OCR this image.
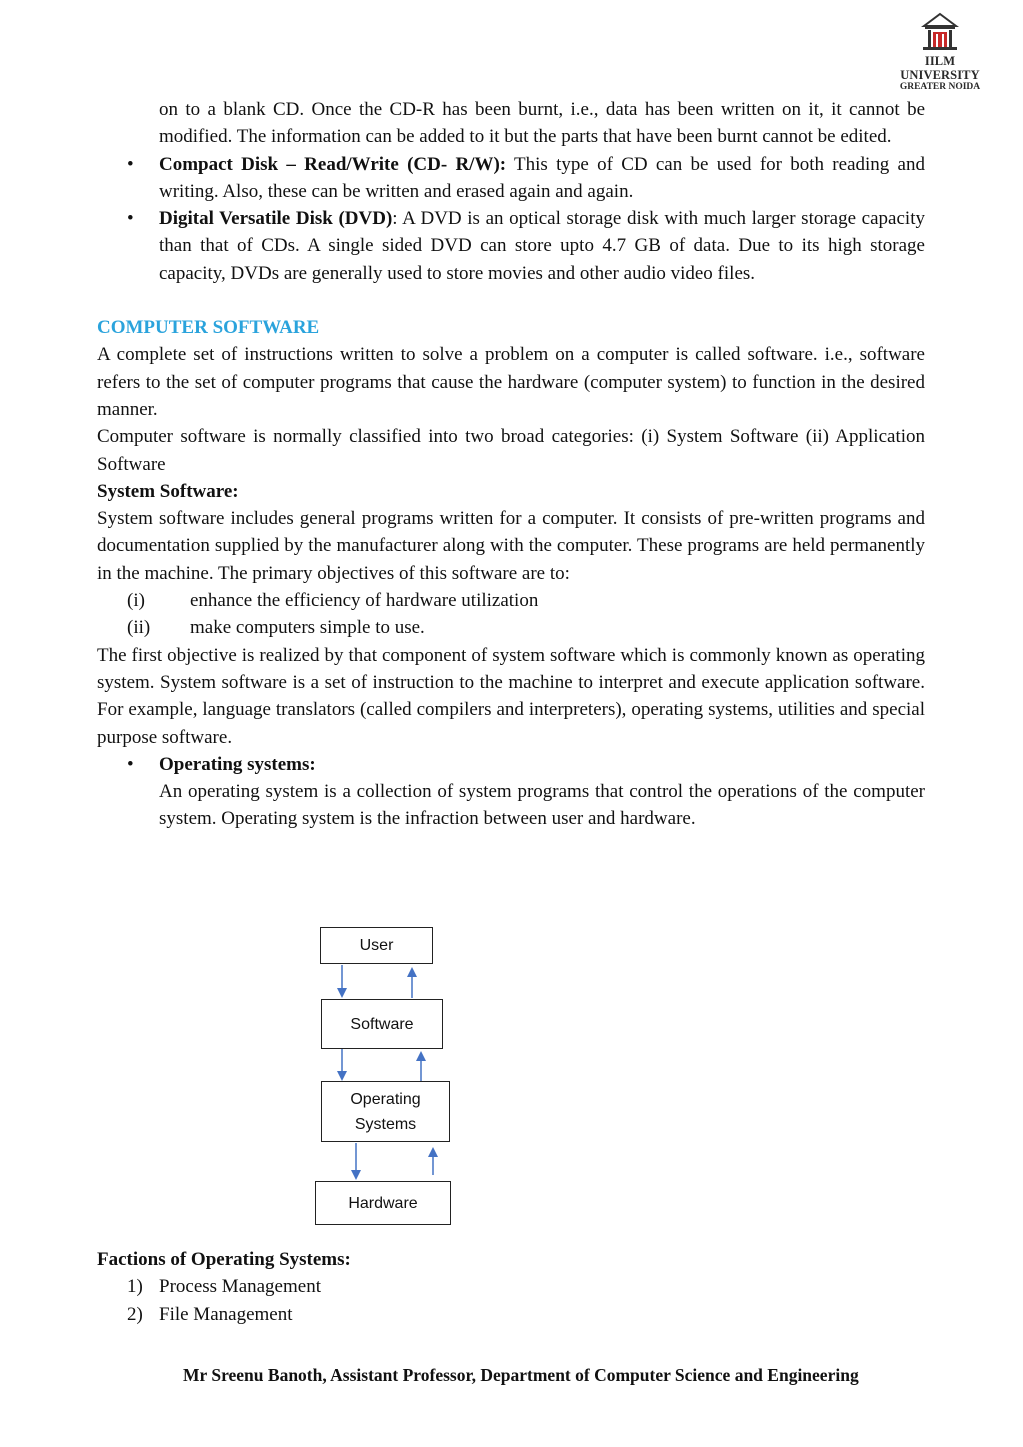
IILM UNIVERSITY
GREATER NOIDA

on to a blank CD. Once the CD-R has been burnt, i.e., data has been written on it, it cannot be modified. The information can be added to it but the parts that have been burnt cannot be edited.

• Compact Disk – Read/Write (CD- R/W): This type of CD can be used for both reading and writing. Also, these can be written and erased again and again.
• Digital Versatile Disk (DVD): A DVD is an optical storage disk with much larger storage capacity than that of CDs. A single sided DVD can store upto 4.7 GB of data. Due to its high storage capacity, DVDs are generally used to store movies and other audio video files.
COMPUTER SOFTWARE

A complete set of instructions written to solve a problem on a computer is called software. i.e., software refers to the set of computer programs that cause the hardware (computer system) to function in the desired manner.

Computer software is normally classified into two broad categories: (i) System Software (ii) Application Software

System Software:

System software includes general programs written for a computer. It consists of pre-written programs and documentation supplied by the manufacturer along with the computer. These programs are held permanently in the machine. The primary objectives of this software are to:

(i) enhance the efficiency of hardware utilization
(ii) make computers simple to use.

The first objective is realized by that component of system software which is commonly known as operating system. System software is a set of instruction to the machine to interpret and execute application software. For example, language translators (called compilers and interpreters), operating systems, utilities and special purpose software.

• Operating systems:
An operating system is a collection of system programs that control the operations of the computer system. Operating system is the infraction between user and hardware.
User
Software
Operating Systems
Hardware

Factions of Operating Systems:

1) Process Management
2) File Management
Mr Sreenu Banoth, Assistant Professor, Department of Computer Science and Engineering
